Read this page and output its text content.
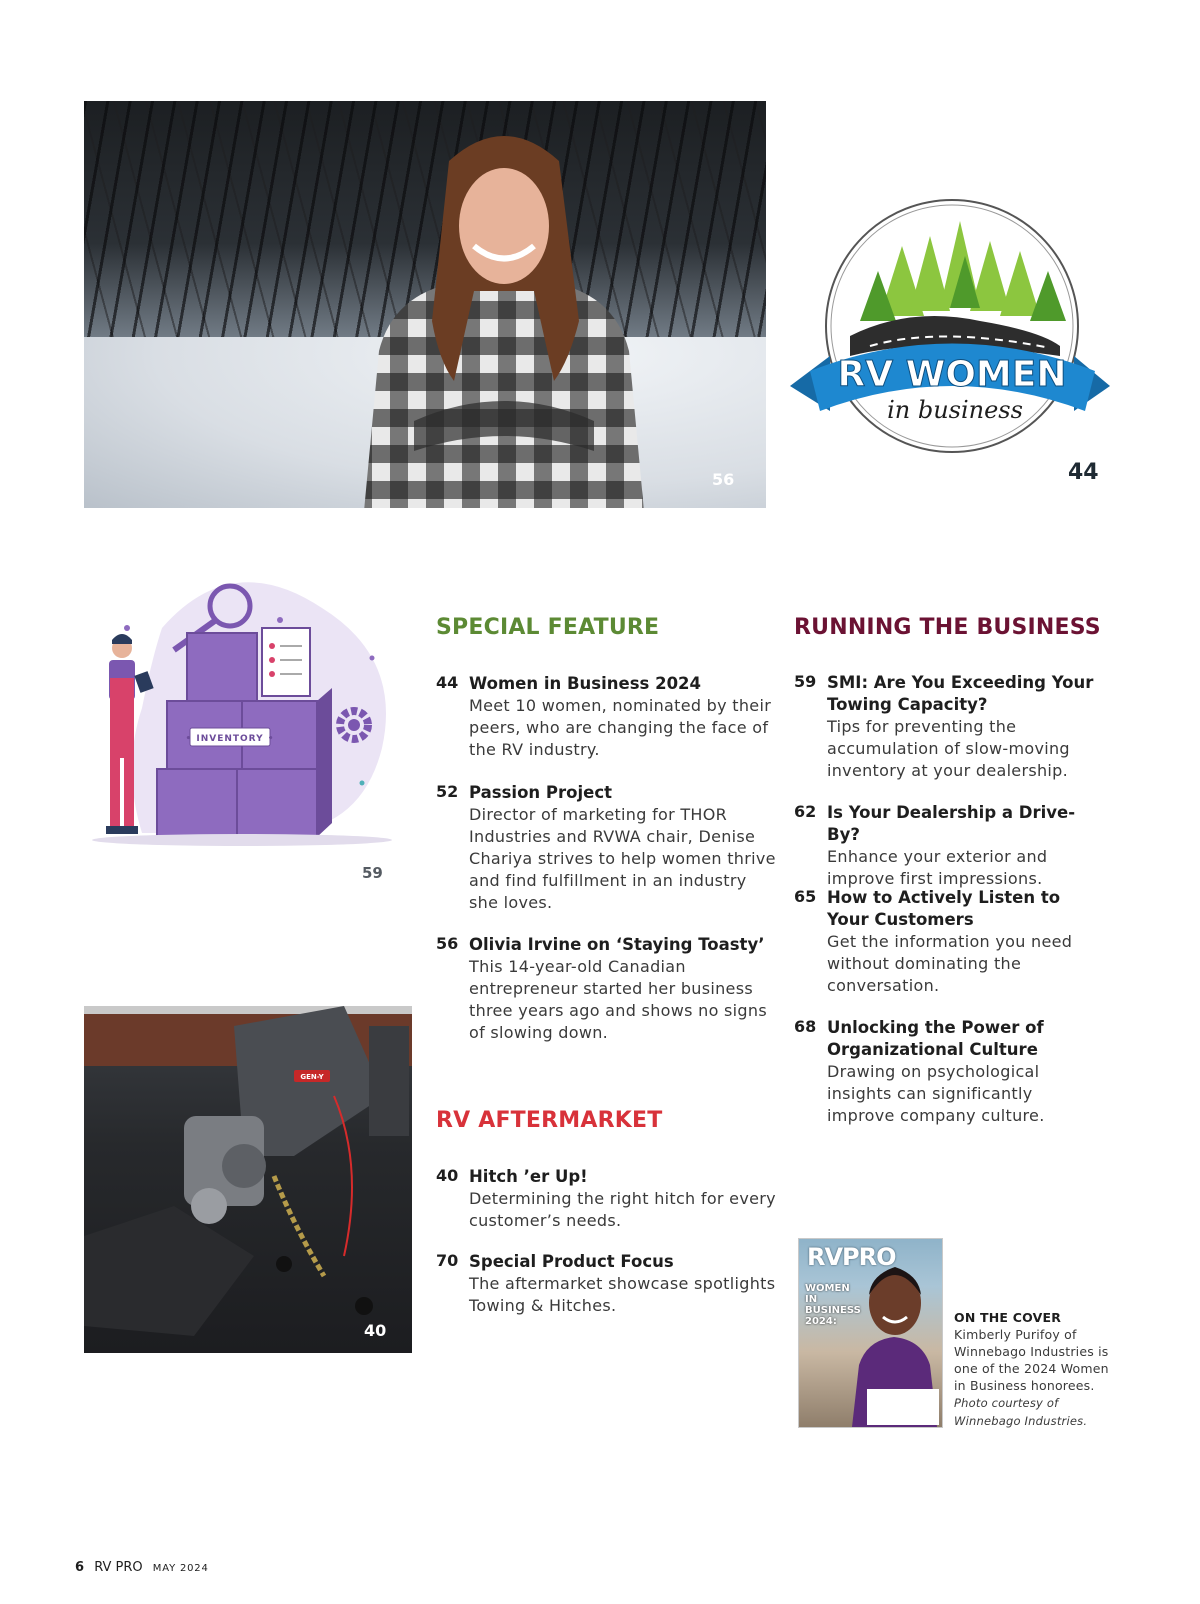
56
RV WOMEN
in business
44
• INVENTORY •
59
GEN-Y
40
SPECIAL FEATURE
44 Women in Business 2024
Meet 10 women, nominated by their peers, who are changing the face of the RV industry.
52 Passion Project
Director of marketing for THOR Industries and RVWA chair, Denise Chariya strives to help women thrive and find fulfillment in an industry she loves.
56 Olivia Irvine on ‘Staying Toasty’
This 14-year-old Canadian entrepreneur started her business three years ago and shows no signs of slowing down.
RV AFTERMARKET
40 Hitch ’er Up!
Determining the right hitch for every customer’s needs.
70 Special Product Focus
The aftermarket showcase spotlights Towing & Hitches.
RUNNING THE BUSINESS
59 SMI: Are You Exceeding Your Towing Capacity?
Tips for preventing the accumulation of slow-moving inventory at your dealership.
62 Is Your Dealership a Drive-By?
Enhance your exterior and improve first impressions.
65 How to Actively Listen to Your Customers
Get the information you need without dominating the conversation.
68 Unlocking the Power of Organizational Culture
Drawing on psychological insights can significantly improve company culture.
RVPRO
WOMEN IN BUSINESS 2024:	ON THE COVER
Kimberly Purifoy of Winnebago Industries is one of the 2024 Women in Business honorees. Photo courtesy of Winnebago Industries.
6 RV PRO MAY 2024
